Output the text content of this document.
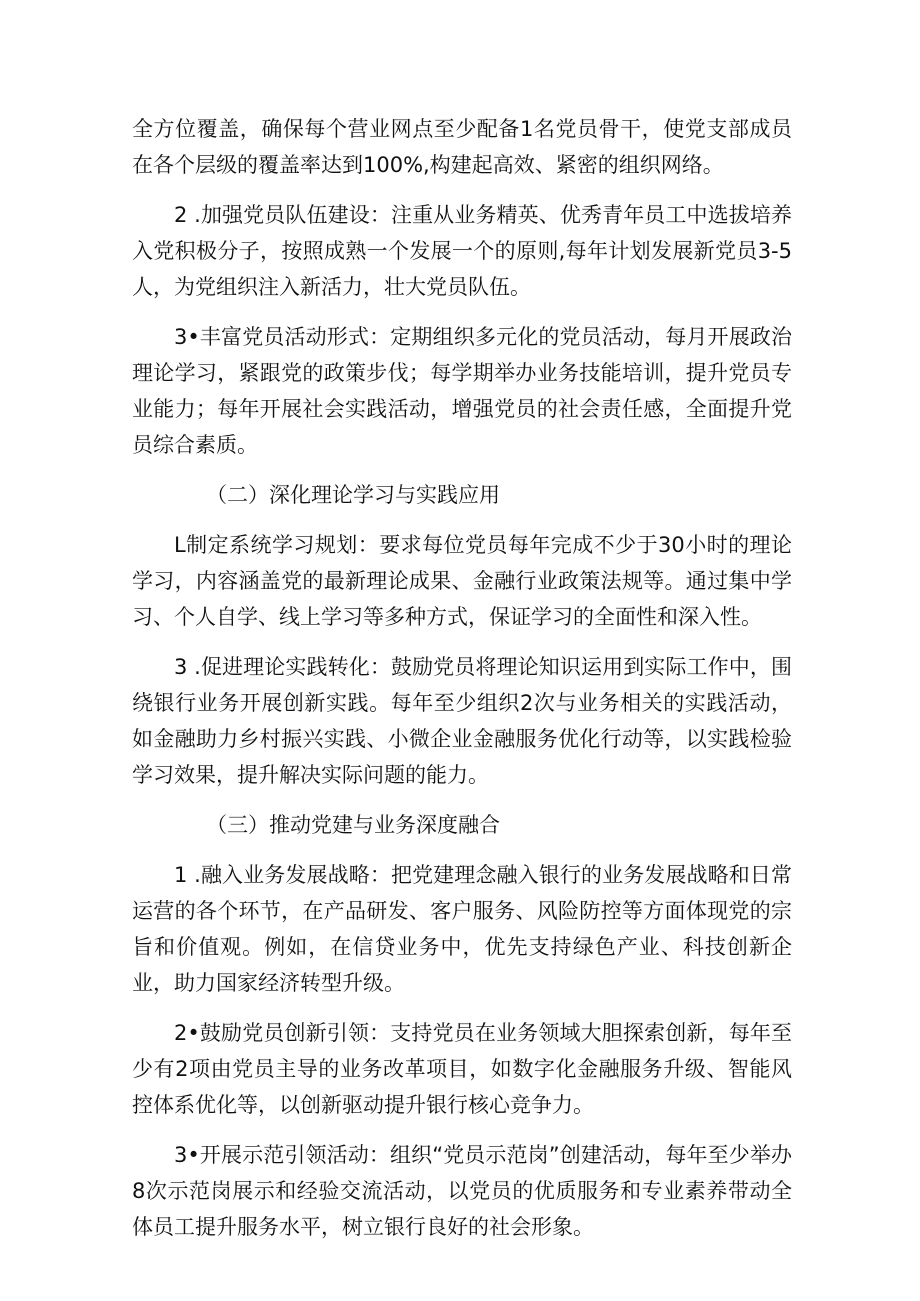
全方位覆盖，确保每个营业网点至少配备1名党员骨干，使党支部成员在各个层级的覆盖率达到100%,构建起高效、紧密的组织网络。

2 .加强党员队伍建设：注重从业务精英、优秀青年员工中选拔培养入党积极分子，按照成熟一个发展一个的原则,每年计划发展新党员3-5人，为党组织注入新活力，壮大党员队伍。

3•丰富党员活动形式：定期组织多元化的党员活动，每月开展政治理论学习，紧跟党的政策步伐；每学期举办业务技能培训，提升党员专业能力；每年开展社会实践活动，增强党员的社会责任感，全面提升党员综合素质。

（二）深化理论学习与实践应用

L制定系统学习规划：要求每位党员每年完成不少于30小时的理论学习，内容涵盖党的最新理论成果、金融行业政策法规等。通过集中学习、个人自学、线上学习等多种方式，保证学习的全面性和深入性。

3 .促进理论实践转化：鼓励党员将理论知识运用到实际工作中，围绕银行业务开展创新实践。每年至少组织2次与业务相关的实践活动，如金融助力乡村振兴实践、小微企业金融服务优化行动等，以实践检验学习效果，提升解决实际问题的能力。

（三）推动党建与业务深度融合

1 .融入业务发展战略：把党建理念融入银行的业务发展战略和日常运营的各个环节，在产品研发、客户服务、风险防控等方面体现党的宗旨和价值观。例如，在信贷业务中，优先支持绿色产业、科技创新企业，助力国家经济转型升级。

2•鼓励党员创新引领：支持党员在业务领域大胆探索创新，每年至少有2项由党员主导的业务改革项目，如数字化金融服务升级、智能风控体系优化等，以创新驱动提升银行核心竞争力。

3•开展示范引领活动：组织“党员示范岗”创建活动，每年至少举办8次示范岗展示和经验交流活动，以党员的优质服务和专业素养带动全体员工提升服务水平，树立银行良好的社会形象。
